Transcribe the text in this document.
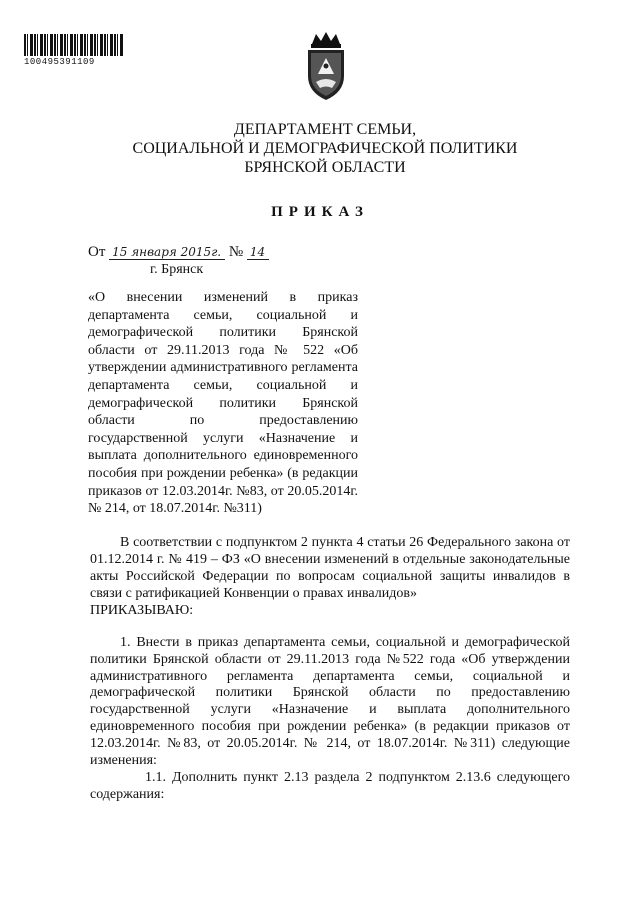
100495391109
ДЕПАРТАМЕНТ СЕМЬИ,
СОЦИАЛЬНОЙ И ДЕМОГРАФИЧЕСКОЙ ПОЛИТИКИ
БРЯНСКОЙ ОБЛАСТИ
ПРИКАЗ
От 15 января 2015г. № 14
г. Брянск
«О внесении изменений в приказ департамента семьи, социальной и демографической политики Брянской области от 29.11.2013 года № 522 «Об утверждении административного регламента департамента семьи, социальной и демографической политики Брянской области по предоставлению государственной услуги «Назначение и выплата дополнительного единовременного пособия при рождении ребенка» (в редакции приказов от 12.03.2014г. №83, от 20.05.2014г. № 214, от 18.07.2014г. №311)
В соответствии с подпунктом 2 пункта 4 статьи 26 Федерального закона от 01.12.2014 г. № 419 – ФЗ «О внесении изменений в отдельные законодательные акты Российской Федерации по вопросам социальной защиты инвалидов в связи с ратификацией Конвенции о правах инвалидов»
ПРИКАЗЫВАЮ:
1. Внести в приказ департамента семьи, социальной и демографической политики Брянской области от 29.11.2013 года №522 года «Об утверждении административного регламента департамента семьи, социальной и демографической политики Брянской области по предоставлению государственной услуги «Назначение и выплата дополнительного единовременного пособия при рождении ребенка» (в редакции приказов от 12.03.2014г. №83, от 20.05.2014г. № 214, от 18.07.2014г. №311) следующие изменения:
1.1. Дополнить пункт 2.13 раздела 2 подпунктом 2.13.6 следующего содержания:
